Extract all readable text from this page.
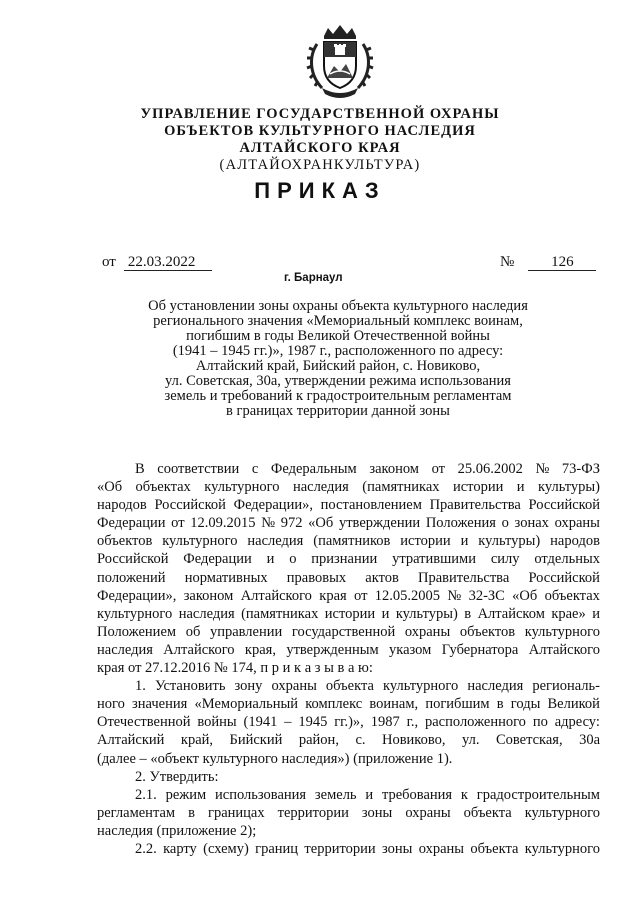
УПРАВЛЕНИЕ ГОСУДАРСТВЕННОЙ ОХРАНЫ
ОБЪЕКТОВ КУЛЬТУРНОГО НАСЛЕДИЯ
АЛТАЙСКОГО КРАЯ
(АЛТАЙОХРАНКУЛЬТУРА)
ПРИКАЗ
от 22.03.2022	№ 126
г. Барнаул
Об установлении зоны охраны объекта культурного наследия
регионального значения «Мемориальный комплекс воинам,
погибшим в годы Великой Отечественной войны
(1941 – 1945 гг.)», 1987 г., расположенного по адресу:
Алтайский край, Бийский район, с. Новиково,
ул. Советская, 30а, утверждении режима использования
земель и требований к градостроительным регламентам
в границах территории данной зоны
В соответствии с Федеральным законом от 25.06.2002 № 73-ФЗ
«Об объектах культурного наследия (памятниках истории и культуры)
народов Российской Федерации», постановлением Правительства Российской
Федерации от 12.09.2015 № 972 «Об утверждении Положения о зонах охраны
объектов культурного наследия (памятников истории и культуры) народов
Российской Федерации и о признании утратившими силу отдельных
положений нормативных правовых актов Правительства Российской
Федерации», законом Алтайского края от 12.05.2005 № 32-ЗС «Об объектах
культурного наследия (памятниках истории и культуры) в Алтайском крае» и
Положением об управлении государственной охраны объектов культурного
наследия Алтайского края, утвержденным указом Губернатора Алтайского
края от 27.12.2016 № 174, п р и к а з ы в а ю:
1. Установить зону охраны объекта культурного наследия региональ-
ного значения «Мемориальный комплекс воинам, погибшим в годы Великой
Отечественной войны (1941 – 1945 гг.)», 1987 г., расположенного по адресу:
Алтайский край, Бийский район, с. Новиково, ул. Советская, 30а
(далее – «объект культурного наследия») (приложение 1).
2. Утвердить:
2.1. режим использования земель и требования к градостроительным
регламентам в границах территории зоны охраны объекта культурного
наследия (приложение 2);
2.2. карту (схему) границ территории зоны охраны объекта культурного
